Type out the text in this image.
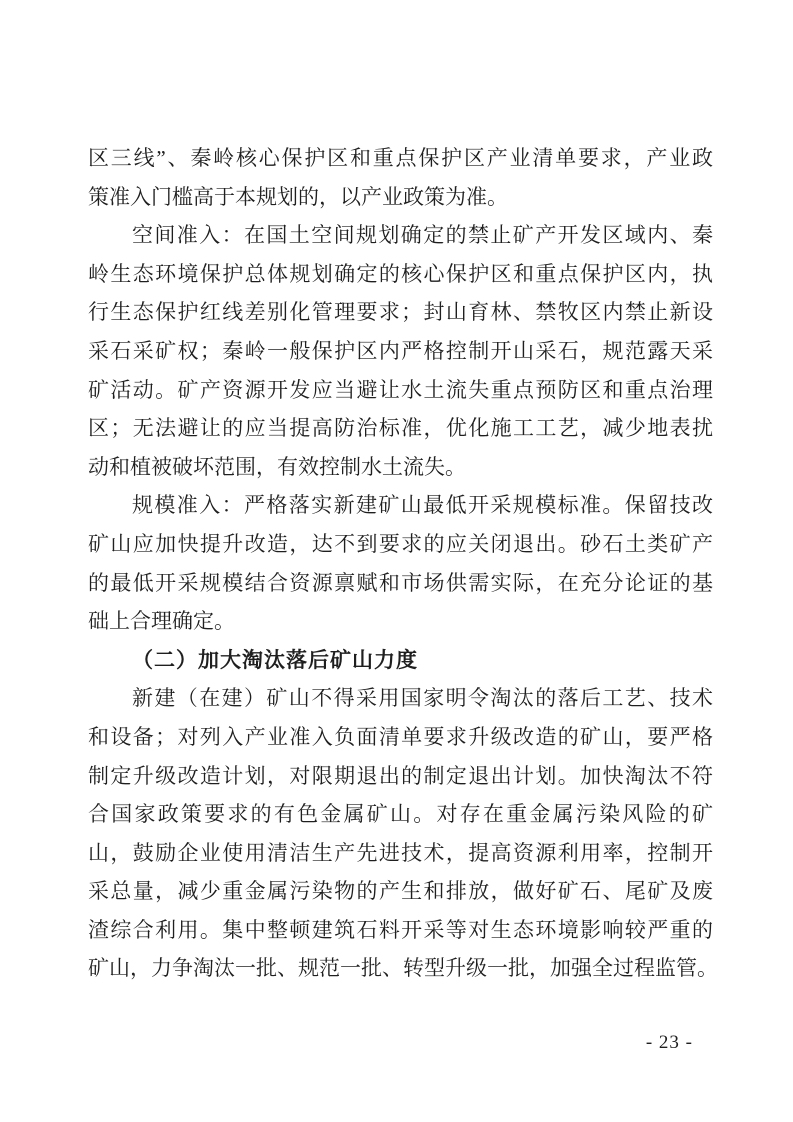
区三线”、秦岭核心保护区和重点保护区产业清单要求，产业政
策准入门槛高于本规划的，以产业政策为准。
空间准入：在国土空间规划确定的禁止矿产开发区域内、秦
岭生态环境保护总体规划确定的核心保护区和重点保护区内，执
行生态保护红线差别化管理要求；封山育林、禁牧区内禁止新设
采石采矿权；秦岭一般保护区内严格控制开山采石，规范露天采
矿活动。矿产资源开发应当避让水土流失重点预防区和重点治理
区；无法避让的应当提高防治标准，优化施工工艺，减少地表扰
动和植被破坏范围，有效控制水土流失。
规模准入：严格落实新建矿山最低开采规模标准。保留技改
矿山应加快提升改造，达不到要求的应关闭退出。砂石土类矿产
的最低开采规模结合资源禀赋和市场供需实际，在充分论证的基
础上合理确定。
（二）加大淘汰落后矿山力度
新建（在建）矿山不得采用国家明令淘汰的落后工艺、技术
和设备；对列入产业准入负面清单要求升级改造的矿山，要严格
制定升级改造计划，对限期退出的制定退出计划。加快淘汰不符
合国家政策要求的有色金属矿山。对存在重金属污染风险的矿
山，鼓励企业使用清洁生产先进技术，提高资源利用率，控制开
采总量，减少重金属污染物的产生和排放，做好矿石、尾矿及废
渣综合利用。集中整顿建筑石料开采等对生态环境影响较严重的
矿山，力争淘汰一批、规范一批、转型升级一批，加强全过程监管。
- 23 -
